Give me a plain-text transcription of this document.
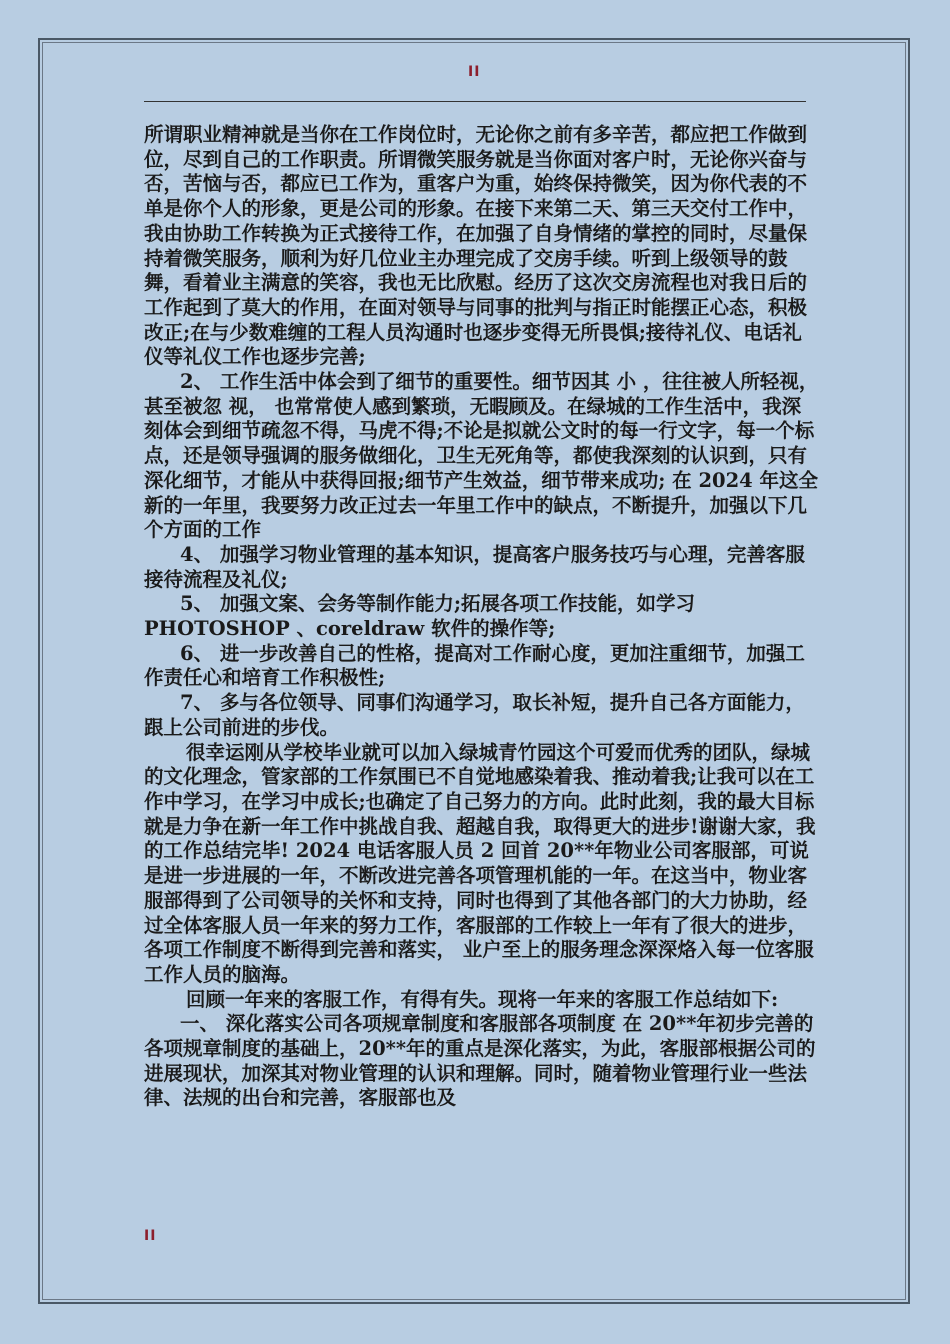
II

所谓职业精神就是当你在工作岗位时，无论你之前有多辛苦，都应把工作做到位，尽到自己的工作职责。所谓微笑服务就是当你面对客户时，无论你兴奋与否，苦恼与否，都应已工作为，重客户为重，始终保持微笑，因为你代表的不单是你个人的形象，更是公司的形象。在接下来第二天、第三天交付工作中，我由协助工作转换为正式接待工作，在加强了自身情绪的掌控的同时，尽量保持着微笑服务，顺利为好几位业主办理完成了交房手续。听到上级领导的鼓舞，看着业主满意的笑容，我也无比欣慰。经历了这次交房流程也对我日后的工作起到了莫大的作用，在面对领导与同事的批判与指正时能摆正心态，积极改正;在与少数难缠的工程人员沟通时也逐步变得无所畏惧;接待礼仪、电话礼仪等礼仪工作也逐步完善;

2、 工作生活中体会到了细节的重要性。细节因其 小 ，往往被人所轻视，甚至被忽 视， 也常常使人感到繁琐，无暇顾及。在绿城的工作生活中，我深刻体会到细节疏忽不得，马虎不得;不论是拟就公文时的每一行文字，每一个标点，还是领导强调的服务做细化，卫生无死角等，都使我深刻的认识到，只有深化细节，才能从中获得回报;细节产生效益，细节带来成功; 在 2024 年这全新的一年里，我要努力改正过去一年里工作中的缺点，不断提升，加强以下几个方面的工作

4、 加强学习物业管理的基本知识，提高客户服务技巧与心理，完善客服接待流程及礼仪;

5、 加强文案、会务等制作能力;拓展各项工作技能，如学习 PHOTOSHOP 、coreldraw 软件的操作等;

6、 进一步改善自己的性格，提高对工作耐心度，更加注重细节，加强工作责任心和培育工作积极性;

7、 多与各位领导、同事们沟通学习，取长补短，提升自己各方面能力，跟上公司前进的步伐。

很幸运刚从学校毕业就可以加入绿城青竹园这个可爱而优秀的团队，绿城的文化理念，管家部的工作氛围已不自觉地感染着我、推动着我;让我可以在工作中学习，在学习中成长;也确定了自己努力的方向。此时此刻，我的最大目标就是力争在新一年工作中挑战自我、超越自我，取得更大的进步!谢谢大家，我的工作总结完毕! 2024 电话客服人员 2 回首 20**年物业公司客服部，可说是进一步进展的一年，不断改进完善各项管理机能的一年。在这当中，物业客服部得到了公司领导的关怀和支持，同时也得到了其他各部门的大力协助，经过全体客服人员一年来的努力工作，客服部的工作较上一年有了很大的进步，各项工作制度不断得到完善和落实， 业户至上的服务理念深深烙入每一位客服工作人员的脑海。

回顾一年来的客服工作，有得有失。现将一年来的客服工作总结如下:

一、 深化落实公司各项规章制度和客服部各项制度 在 20**年初步完善的各项规章制度的基础上，20**年的重点是深化落实，为此，客服部根据公司的进展现状，加深其对物业管理的认识和理解。同时，随着物业管理行业一些法律、法规的出台和完善，客服部也及

II
